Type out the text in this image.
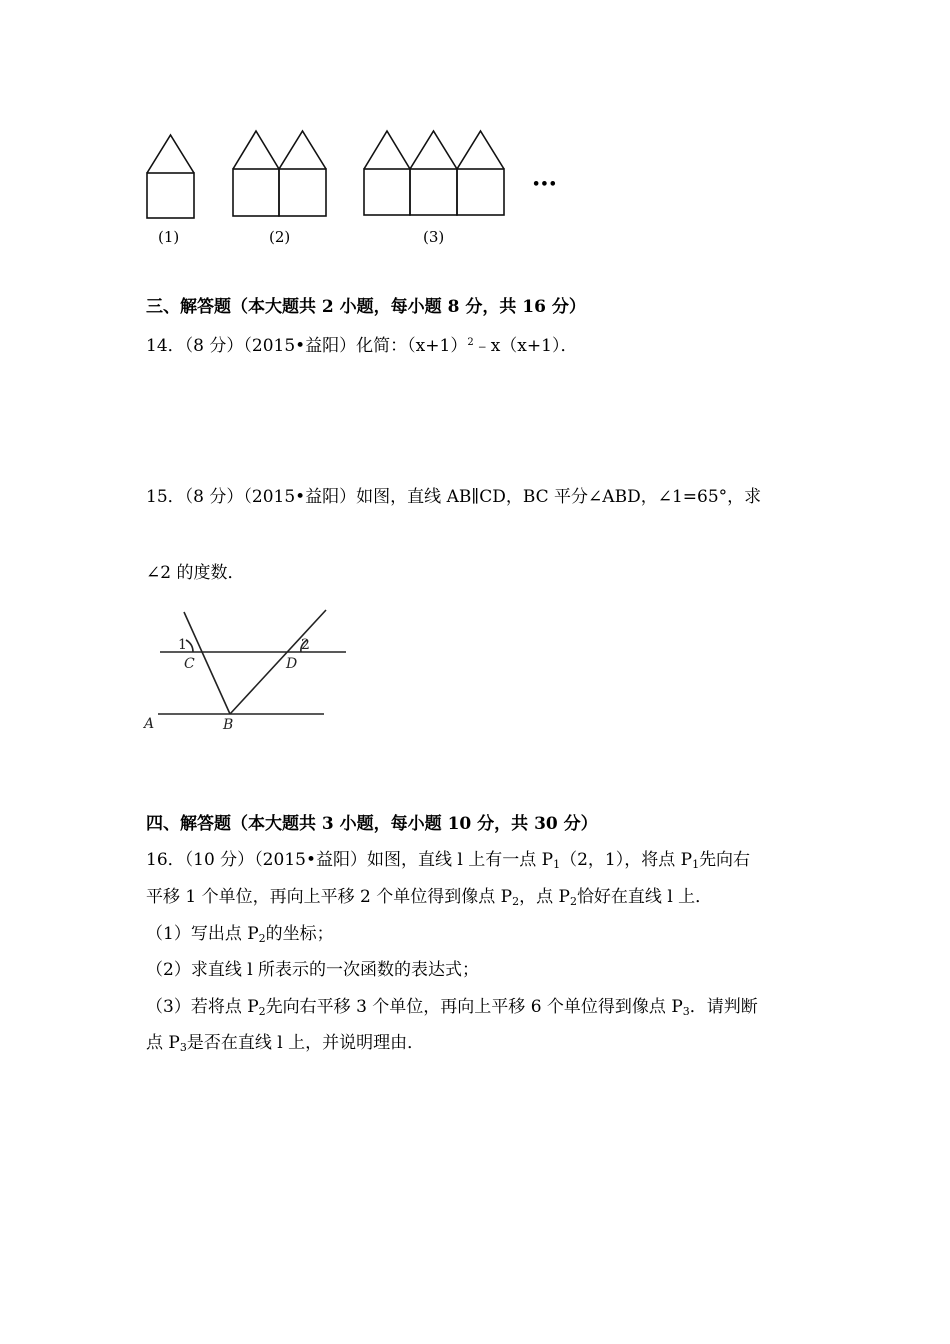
(1)	(2)	(3)
•••
三、解答题（本大题共 2 小题，每小题 8 分，共 16 分）
14．（8 分）（2015•益阳）化简：$(x+1)^2﹣x(x+1)$．
15．（8 分）（2015•益阳）如图，直线 AB∥CD，BC 平分∠ABD，∠1=65°，求
∠2 的度数．
1
C	D
2
A	B
四、解答题（本大题共 3 小题，每小题 10 分，共 30 分）
16．（10 分）（2015•益阳）如图，直线 l 上有一点 $P_1(2$，1），将点 $P_1$先向右
平移 1 个单位，再向上平移 2 个单位得到像点 $P_2$，点 $P_2$恰好在直线 l 上．
（1）写出点 $P_2$的坐标；
（2）求直线 l 所表示的一次函数的表达式；
（3）若将点 $P_2$先向右平移 3 个单位，再向上平移 6 个单位得到像点 $P_3$．请判断
点 $P_3$是否在直线 l 上，并说明理由．
